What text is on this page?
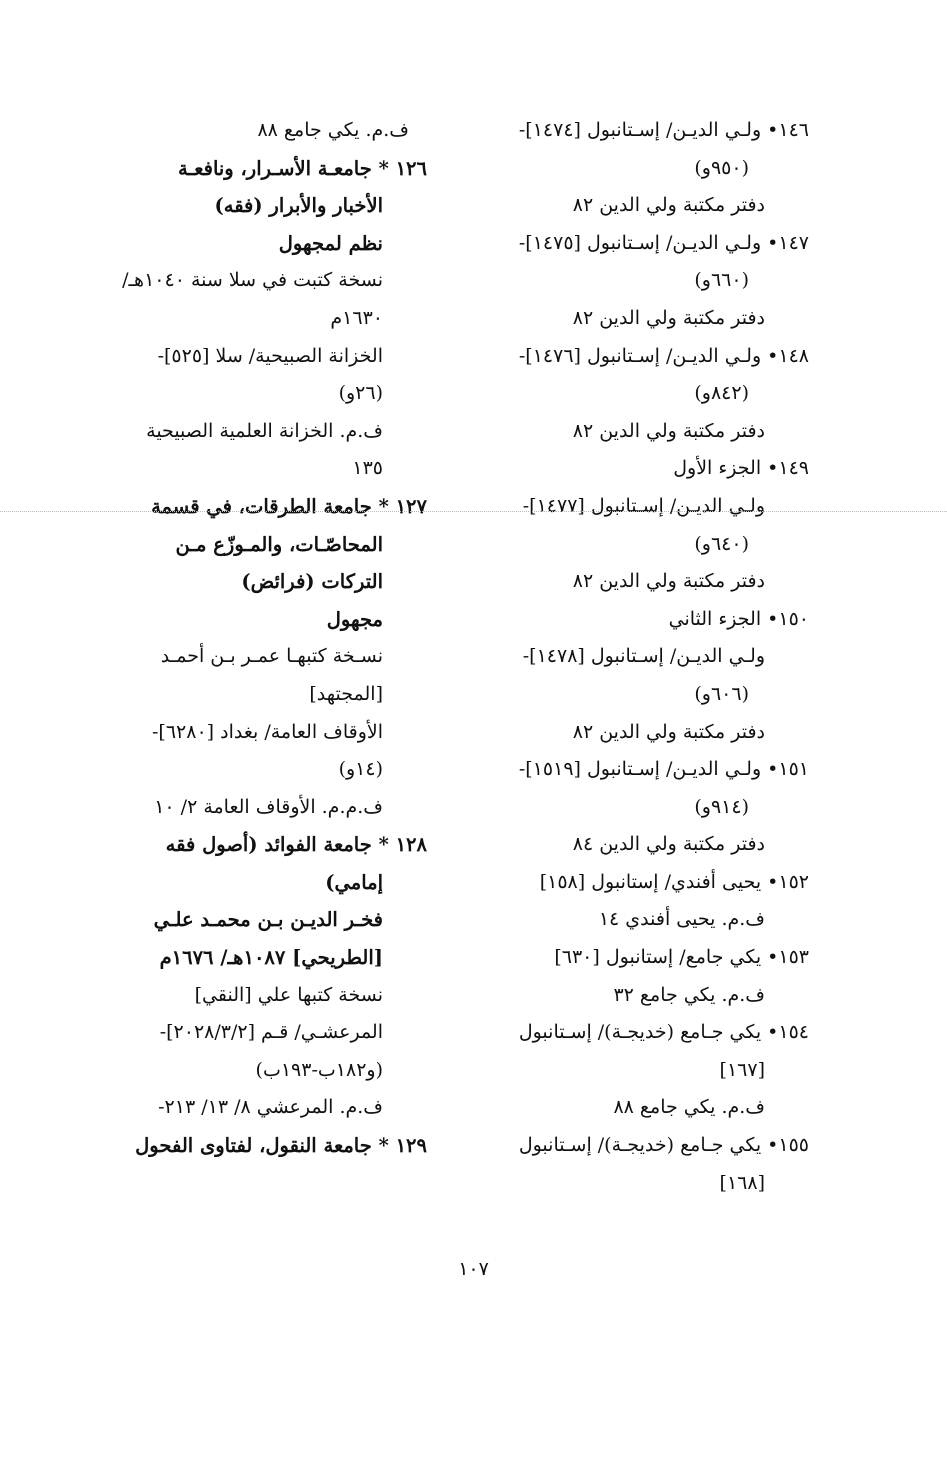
١٤٦• ولـي الديـن/ إسـتانبول [١٤٧٤]-
(٩٥٠و)
دفتر مكتبة ولي الدين ٨٢
١٤٧• ولـي الديـن/ إسـتانبول [١٤٧٥]-
(٦٦٠و)
دفتر مكتبة ولي الدين ٨٢
١٤٨• ولـي الديـن/ إسـتانبول [١٤٧٦]-
(٨٤٢و)
دفتر مكتبة ولي الدين ٨٢
١٤٩• الجزء الأول
ولـي الديـن/ إسـتانبول [١٤٧٧]-
(٦٤٠و)
دفتر مكتبة ولي الدين ٨٢
١٥٠• الجزء الثاني
ولـي الديـن/ إسـتانبول [١٤٧٨]-
(٦٠٦و)
دفتر مكتبة ولي الدين ٨٢
١٥١• ولـي الديـن/ إسـتانبول [١٥١٩]-
(٩١٤و)
دفتر مكتبة ولي الدين ٨٤
١٥٢• يحيى أفندي/ إستانبول [١٥٨]
ف.م. يحيى أفندي ١٤
١٥٣• يكي جامع/ إستانبول [٦٣٠]
ف.م. يكي جامع ٣٢
١٥٤• يكي جـامع (خديجـة)/ إسـتانبول
[١٦٧]
ف.م. يكي جامع ٨٨
١٥٥• يكي جـامع (خديجـة)/ إسـتانبول
[١٦٨]
ف.م. يكي جامع ٨٨
١٢٦ * جامعـة الأسـرار، ونافعـة
الأخبار والأبرار (فقه)
نظم لمجهول
نسخة كتبت في سلا سنة ١٠٤٠هـ/
١٦٣٠م
الخزانة الصبيحية/ سلا [٥٢٥]-
(٢٦و)
ف.م. الخزانة العلمية الصبيحية
١٣٥
١٢٧ * جامعة الطرقات، في قسمة
المحاصّـات، والمـوزّع مـن
التركات (فرائض)
مجهول
نسـخة كتبهـا عمـر بـن أحمـد
[المجتهد]
الأوقاف العامة/ بغداد [٦٢٨٠]-
(١٤و)
ف.م.م. الأوقاف العامة ٢/ ١٠
١٢٨ * جامعة الفوائد (أصول فقه
إمامي)
فخـر الديـن بـن محمـد علـي
[الطريحي] ١٠٨٧هـ/ ١٦٧٦م
نسخة كتبها علي [النقي]
المرعشـي/ قـم [٢٠٢٨/٣/٢]-
(و١٨٢ب-١٩٣ب)
ف.م. المرعشي ٨/ ١٣/ ٢١٣-
١٢٩ * جامعة النقول، لفتاوى الفحول
١٠٧
